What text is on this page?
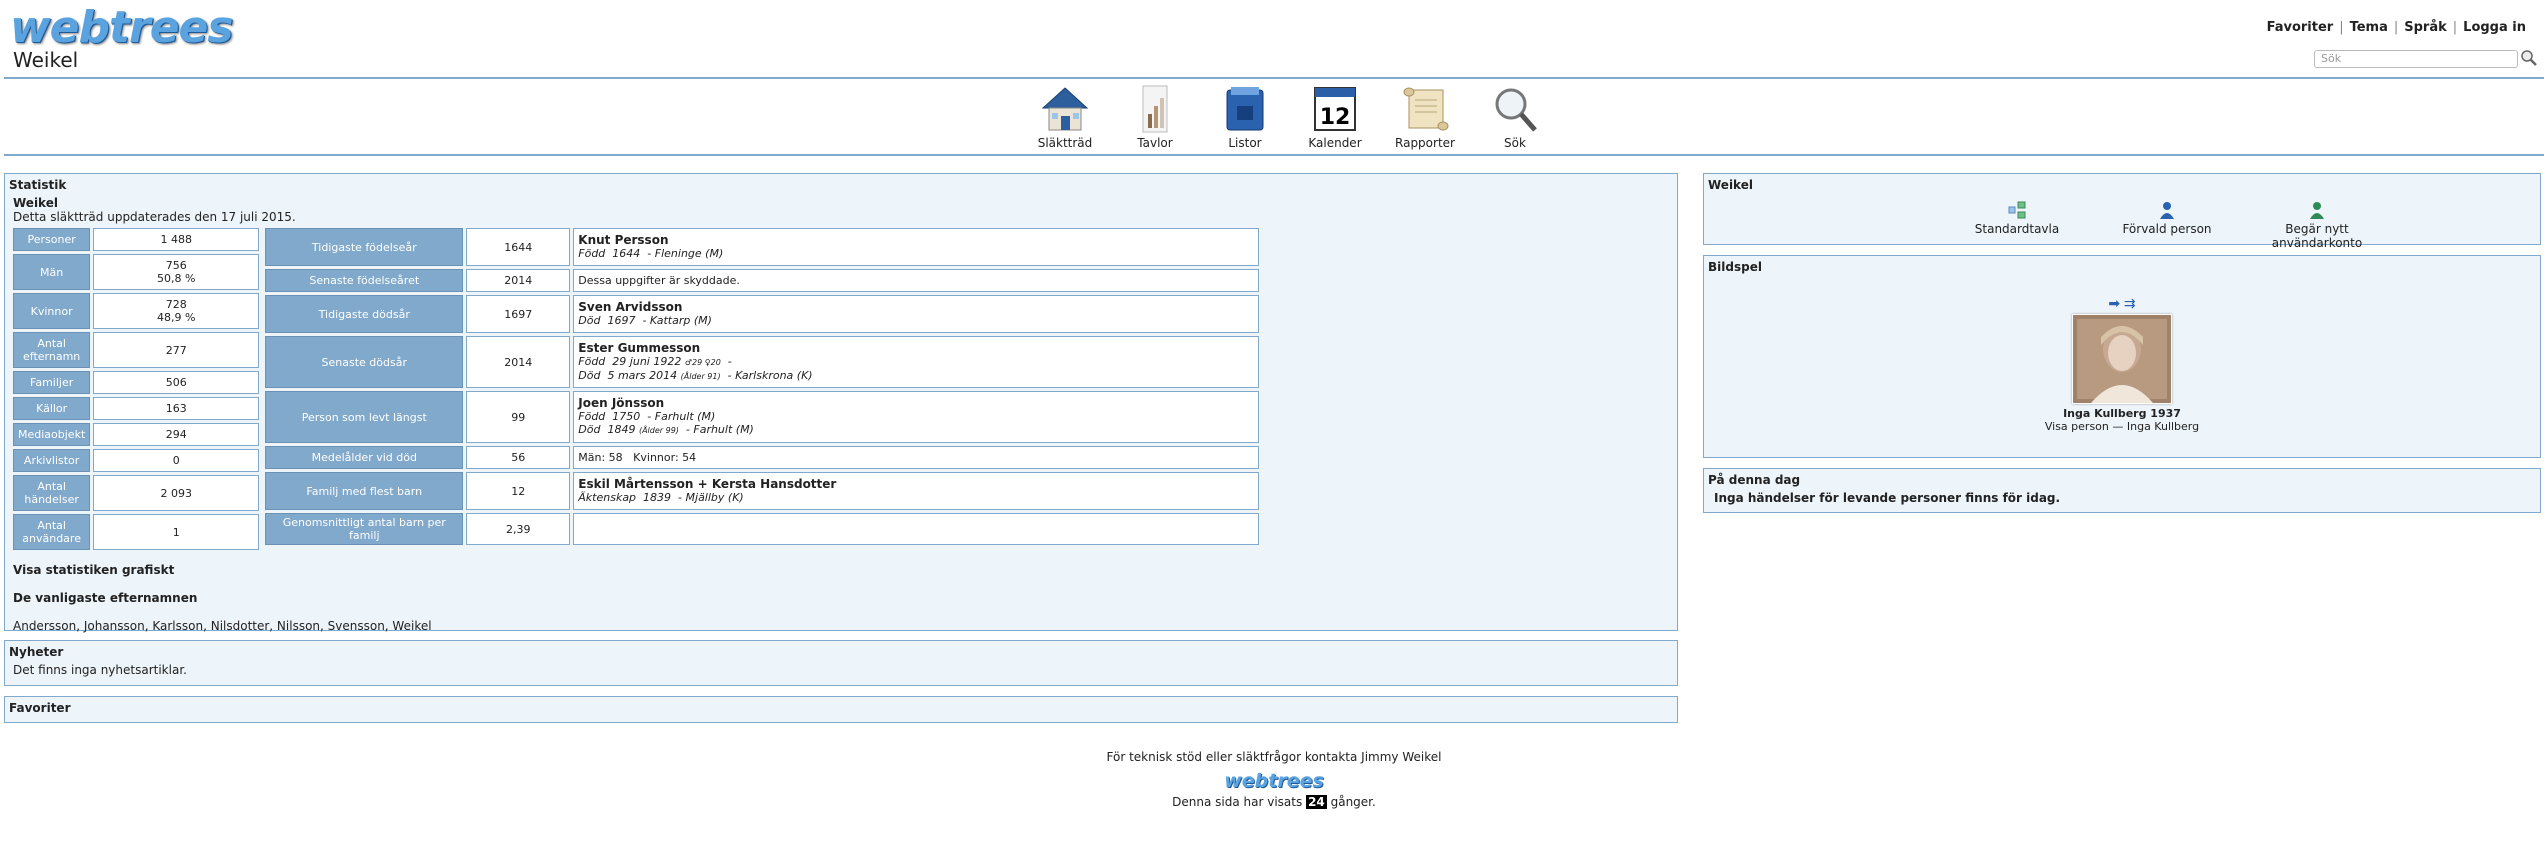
webtrees
Weikel
Favoriter | Tema | Språk | Logga in
Sök
Släktträd	Tavlor	Listor
12
Kalender	Rapporter	Sök
Statistik
Weikel
Detta släktträd uppdaterades den 17 juli 2015.
Personer	1 488
Män	756
50,8 %

Kvinnor	728
48,9 %

Antal
efternamn	277
Familjer	506
Källor	163
Mediaobjekt	294
Arkivlistor	0

Antal
händelser	2 093

Antal
användare	1
Tidigaste födelseår	1644	Knut Persson
Född 1644  - Fleninge (M)

Senaste födelseåret	2014	Dessa uppgifter är skyddade.
Tidigaste dödsår	1697	Sven Arvidsson
Död 1697  - Kattarp (M)

Senaste dödsår	2014	Ester Gummesson
Född 29 juni 1922 ♂29 ♀20  -
Död 5 mars 2014 (Ålder 91)  - Karlskrona (K)

Person som levt längst	99	Joen Jönsson
Född 1750  - Farhult (M)
Död 1849 (Ålder 99)  - Farhult (M)

Medelålder vid död	56	Män: 58   Kvinnor: 54
Familj med flest barn	12	Eskil Mårtensson + Kersta Hansdotter
Äktenskap 1839  - Mjällby (K)

Genomsnittligt antal barn per familj	2,39	
Visa statistiken grafiskt
De vanligaste efternamnen
Andersson, Johansson, Karlsson, Nilsdotter, Nilsson, Svensson, Weikel
Nyheter
Det finns inga nyhetsartiklar.
Favoriter
Weikel
Standardtavla	Förvald person	Begär nytt användarkonto
Bildspel
➡ ⇉
Inga Kullberg 1937
Visa person — Inga Kullberg
På denna dag
Inga händelser för levande personer finns för idag.
För teknisk stöd eller släktfrågor kontakta Jimmy Weikel
webtrees
Denna sida har visats 24 gånger.
